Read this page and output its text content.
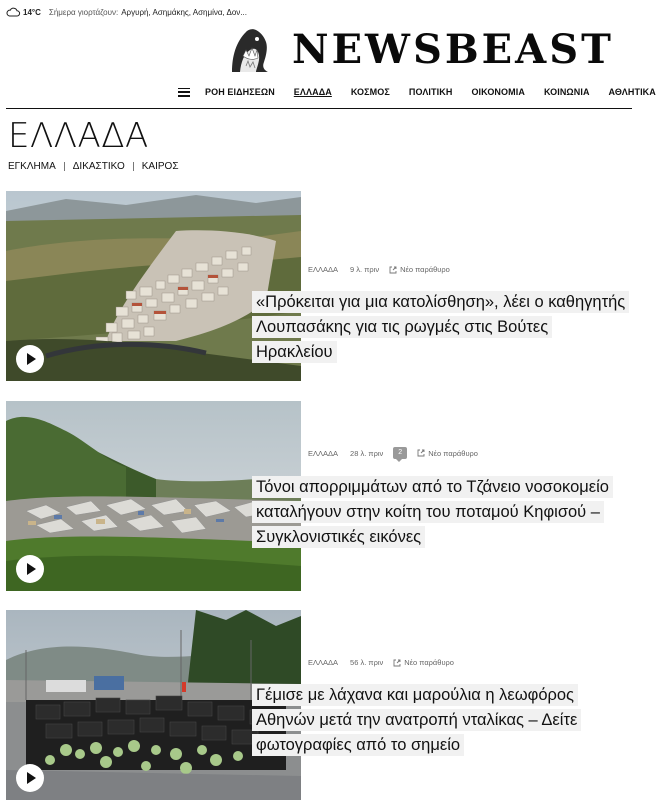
14°C Σήμερα γιορτάζουν: Αργυρή, Ασημάκης, Ασημίνα, Δον...
NEWSBEAST
ΡΟΗ ΕΙΔΗΣΕΩΝ ΕΛΛΑΔΑ ΚΟΣΜΟΣ ΠΟΛΙΤΙΚΗ ΟΙΚΟΝΟΜΙΑ ΚΟΙΝΩΝΙΑ ΑΘΛΗΤΙΚΑ
ΕΛΛΑΔΑ
ΕΓΚΛΗΜΑ ΔΙΚΑΣΤΙΚΟ ΚΑΙΡΟΣ
ΕΛΛΑΔΑ 9 λ. πριν	Νέο παράθυρο
«Πρόκειται για μια κατολίσθηση», λέει ο καθηγητής Λουπασάκης για τις ρωγμές στις Βούτες Ηρακλείου
ΕΛΛΑΔΑ 28 λ. πριν	2	Νέο παράθυρο
Τόνοι απορριμμάτων από το Τζάνειο νοσοκομείο καταλήγουν στην κοίτη του ποταμού Κηφισού – Συγκλονιστικές εικόνες
ΕΛΛΑΔΑ 56 λ. πριν	Νέο παράθυρο
Γέμισε με λάχανα και μαρούλια η λεωφόρος Αθηνών μετά την ανατροπή νταλίκας – Δείτε φωτογραφίες από το σημείο
